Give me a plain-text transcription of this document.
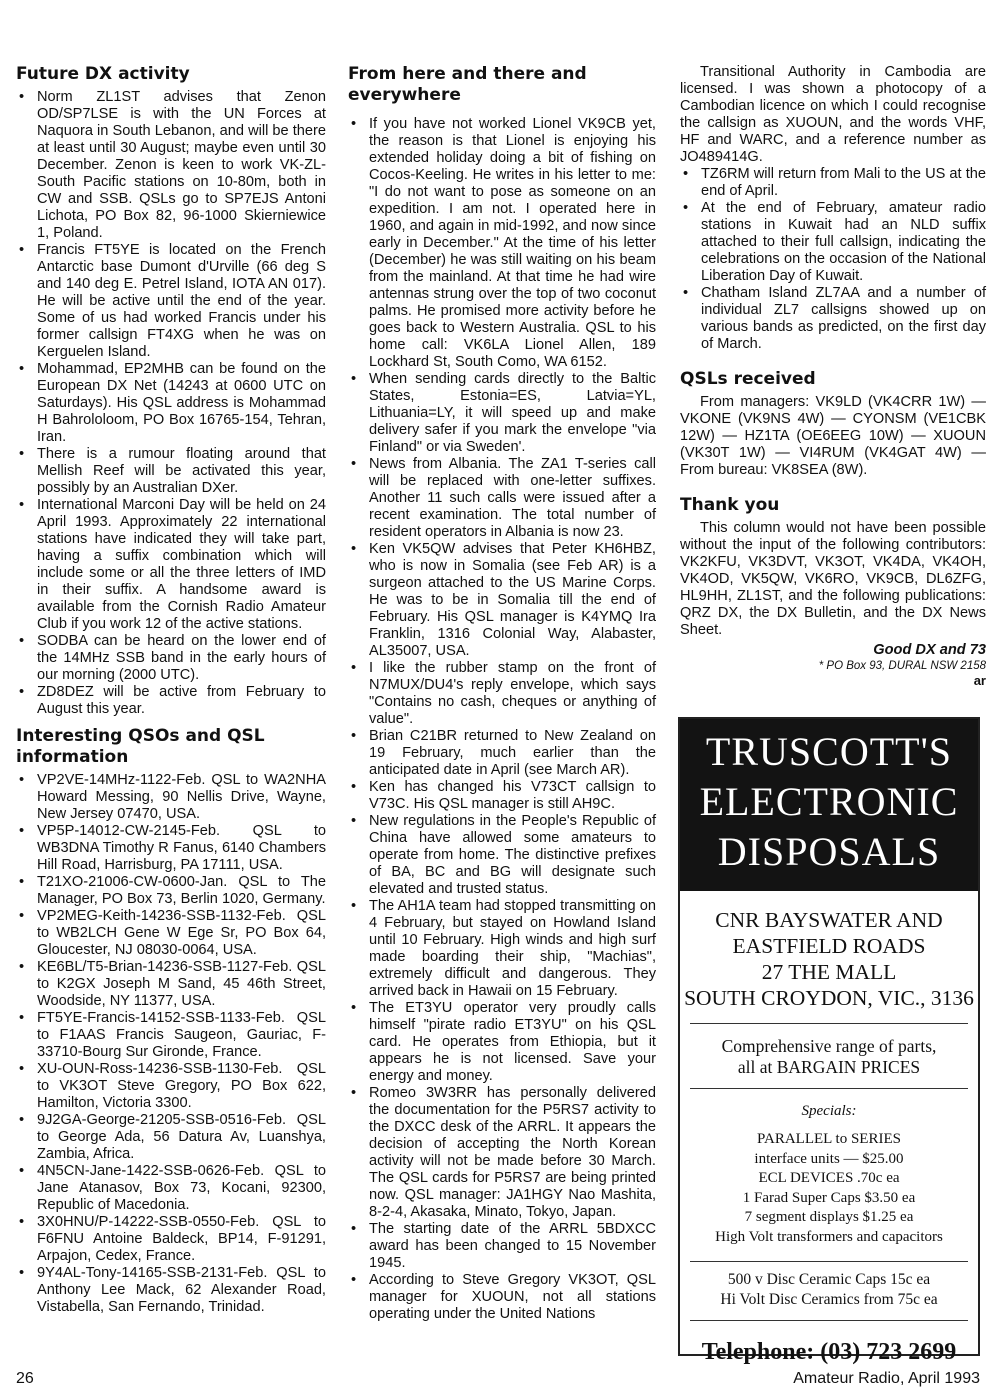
Future DX activity
• Norm ZL1ST advises that Zenon OD/SP7LSE is with the UN Forces at Naquora in South Lebanon, and will be there at least until 30 August; maybe even until 30 December. Zenon is keen to work VK-ZL-South Pacific stations on 10-80m, both in CW and SSB. QSLs go to SP7EJS Antoni Lichota, PO Box 82, 96-1000 Skierniewice 1, Poland.
• Francis FT5YE is located on the French Antarctic base Dumont d'Urville (66 deg S and 140 deg E. Petrel Island, IOTA AN 017). He will be active until the end of the year. Some of us had worked Francis under his former callsign FT4XG when he was on Kerguelen Island.
• Mohammad, EP2MHB can be found on the European DX Net (14243 at 0600 UTC on Saturdays). His QSL address is Mohammad H Bahrololoom, PO Box 16765-154, Tehran, Iran.
• There is a rumour floating around that Mellish Reef will be activated this year, possibly by an Australian DXer.
• International Marconi Day will be held on 24 April 1993. Approximately 22 international stations have indicated they will take part, having a suffix combination which will include some or all the three letters of IMD in their suffix. A handsome award is available from the Cornish Radio Amateur Club if you work 12 of the active stations.
• SODBA can be heard on the lower end of the 14MHz SSB band in the early hours of our morning (2000 UTC).
• ZD8DEZ will be active from February to August this year.
Interesting QSOs and QSL information
• VP2VE-14MHz-1122-Feb. QSL to WA2NHA Howard Messing, 90 Nellis Drive, Wayne, New Jersey 07470, USA.
• VP5P-14012-CW-2145-Feb. QSL to WB3DNA Timothy R Fanus, 6140 Chambers Hill Road, Harrisburg, PA 17111, USA.
• T21XO-21006-CW-0600-Jan. QSL to The Manager, PO Box 73, Berlin 1020, Germany.
• VP2MEG-Keith-14236-SSB-1132-Feb. QSL to WB2LCH Gene W Ege Sr, PO Box 64, Gloucester, NJ 08030-0064, USA.
• KE6BL/T5-Brian-14236-SSB-1127-Feb. QSL to K2GX Joseph M Sand, 45 46th Street, Woodside, NY 11377, USA.
• FT5YE-Francis-14152-SSB-1133-Feb. QSL to F1AAS Francis Saugeon, Gauriac, F-33710-Bourg Sur Gironde, France.
• XU-OUN-Ross-14236-SSB-1130-Feb. QSL to VK3OT Steve Gregory, PO Box 622, Hamilton, Victoria 3300.
• 9J2GA-George-21205-SSB-0516-Feb. QSL to George Ada, 56 Datura Av, Luanshya, Zambia, Africa.
• 4N5CN-Jane-1422-SSB-0626-Feb. QSL to Jane Atanasov, Box 73, Kocani, 92300, Republic of Macedonia.
• 3X0HNU/P-14222-SSB-0550-Feb. QSL to F6FNU Antoine Baldeck, BP14, F-91291, Arpajon, Cedex, France.
• 9Y4AL-Tony-14165-SSB-2131-Feb. QSL to Anthony Lee Mack, 62 Alexander Road, Vistabella, San Fernando, Trinidad.
From here and there and everywhere
• If you have not worked Lionel VK9CB yet, the reason is that Lionel is enjoying his extended holiday doing a bit of fishing on Cocos-Keeling. He writes in his letter to me: "I do not want to pose as someone on an expedition. I am not. I operated here in 1960, and again in mid-1992, and now since early in December." At the time of his letter (December) he was still waiting on his beam from the mainland. At that time he had wire antennas strung over the top of two coconut palms. He promised more activity before he goes back to Western Australia. QSL to his home call: VK6LA Lionel Allen, 189 Lockhard St, South Como, WA 6152.
• When sending cards directly to the Baltic States, Estonia=ES, Latvia=YL, Lithuania=LY, it will speed up and make delivery safer if you mark the envelope "via Finland" or via Sweden'.
• News from Albania. The ZA1 T-series call will be replaced with one-letter suffixes. Another 11 such calls were issued after a recent examination. The total number of resident operators in Albania is now 23.
• Ken VK5QW advises that Peter KH6HBZ, who is now in Somalia (see Feb AR) is a surgeon attached to the US Marine Corps. He was to be in Somalia till the end of February. His QSL manager is K4YMQ Ira Franklin, 1316 Colonial Way, Alabaster, AL35007, USA.
• I like the rubber stamp on the front of N7MUX/DU4's reply envelope, which says "Contains no cash, cheques or anything of value".
• Brian C21BR returned to New Zealand on 19 February, much earlier than the anticipated date in April (see March AR).
• Ken has changed his V73CT callsign to V73C. His QSL manager is still AH9C.
• New regulations in the People's Republic of China have allowed some amateurs to operate from home. The distinctive prefixes of BA, BC and BG will designate such elevated and trusted status.
• The AH1A team had stopped transmitting on 4 February, but stayed on Howland Island until 10 February. High winds and high surf made boarding their ship, "Machias", extremely difficult and dangerous. They arrived back in Hawaii on 15 February.
• The ET3YU operator very proudly calls himself "pirate radio ET3YU" on his QSL card. He operates from Ethiopia, but it appears he is not licensed. Save your energy and money.
• Romeo 3W3RR has personally delivered the documentation for the P5RS7 activity to the DXCC desk of the ARRL. It appears the decision of accepting the North Korean activity will not be made before 30 March. The QSL cards for P5RS7 are being printed now. QSL manager: JA1HGY Nao Mashita, 8-2-4, Akasaka, Minato, Tokyo, Japan.
• The starting date of the ARRL 5BDXCC award has been changed to 15 November 1945.
• According to Steve Gregory VK3OT, QSL manager for XUOUN, not all stations operating under the United Nations

Transitional Authority in Cambodia are licensed. I was shown a photocopy of a Cambodian licence on which I could recognise the callsign as XUOUN, and the words VHF, HF and WARC, and a reference number as JO489414G.

• TZ6RM will return from Mali to the US at the end of April.
• At the end of February, amateur radio stations in Kuwait had an NLD suffix attached to their full callsign, indicating the celebrations on the occasion of the National Liberation Day of Kuwait.
• Chatham Island ZL7AA and a number of individual ZL7 callsigns showed up on various bands as predicted, on the first day of March.
QSLs received

From managers: VK9LD (VK4CRR 1W) — VKONE (VK9NS 4W) — CYONSM (VE1CBK 12W) — HZ1TA (OE6EEG 10W) — XUOUN (VK30T 1W) — VI4RUM (VK4GAT 4W) — From bureau: VK8SEA (8W).

Thank you

This column would not have been possible without the input of the following contributors: VK2KFU, VK3DVT, VK3OT, VK4DA, VK4OH, VK4OD, VK5QW, VK6RO, VK9CB, DL6ZFG, HL9HH, ZL1ST, and the following publications: QRZ DX, the DX Bulletin, and the DX News Sheet.

Good DX and 73
* PO Box 93, DURAL NSW 2158
ar
TRUSCOTT'S
ELECTRONIC
DISPOSALS
CNR BAYSWATER AND
EASTFIELD ROADS
27 THE MALL
SOUTH CROYDON, VIC., 3136
Comprehensive range of parts,
all at BARGAIN PRICES
Specials:
PARALLEL to SERIES
interface units — $25.00
ECL DEVICES .70c ea
1 Farad Super Caps $3.50 ea
7 segment displays $1.25 ea
High Volt transformers and capacitors
500 v Disc Ceramic Caps 15c ea
Hi Volt Disc Ceramics from 75c ea
Telephone: (03) 723 2699
26	Amateur Radio, April 1993
